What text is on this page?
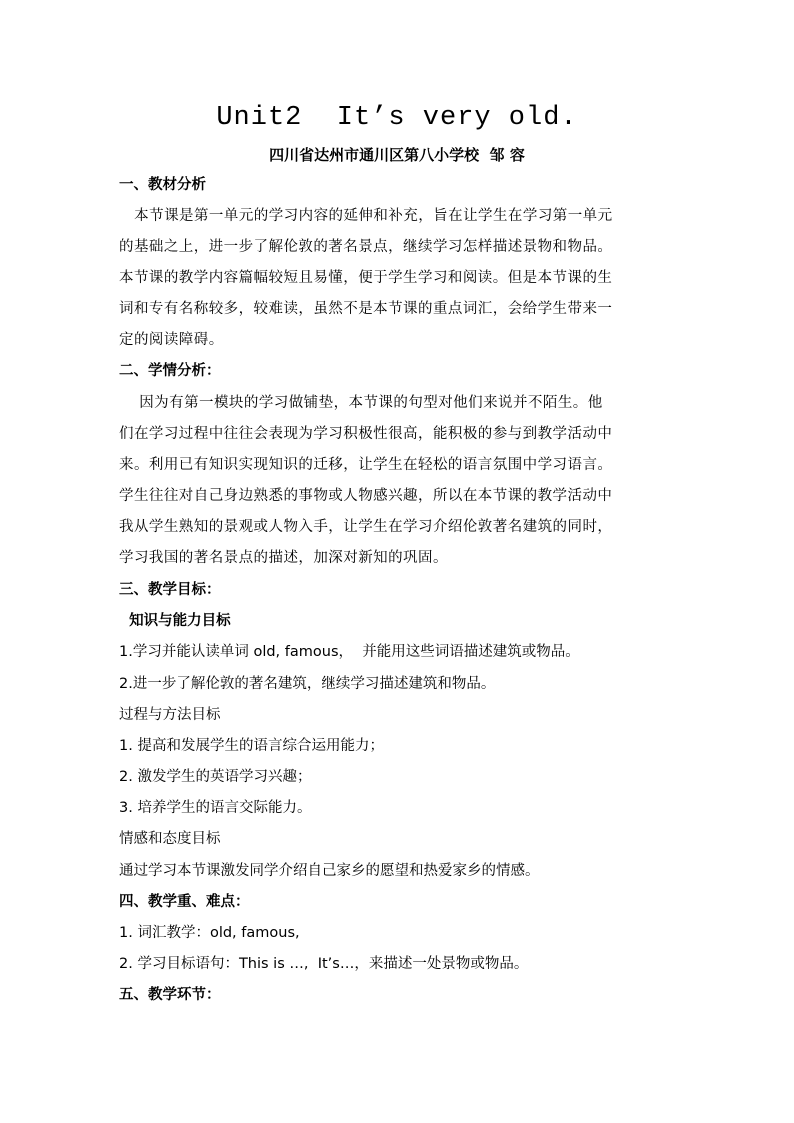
Unit2  It’s very old.
四川省达州市通川区第八小学校  邹 容
一、教材分析
本节课是第一单元的学习内容的延伸和补充，旨在让学生在学习第一单元
的基础之上，进一步了解伦敦的著名景点，继续学习怎样描述景物和物品。
本节课的教学内容篇幅较短且易懂，便于学生学习和阅读。但是本节课的生
词和专有名称较多，较难读，虽然不是本节课的重点词汇，会给学生带来一
定的阅读障碍。
二、学情分析：
因为有第一模块的学习做铺垫，本节课的句型对他们来说并不陌生。他
们在学习过程中往往会表现为学习积极性很高，能积极的参与到教学活动中
来。利用已有知识实现知识的迁移，让学生在轻松的语言氛围中学习语言。
学生往往对自己身边熟悉的事物或人物感兴趣，所以在本节课的教学活动中
我从学生熟知的景观或人物入手，让学生在学习介绍伦敦著名建筑的同时，
学习我国的著名景点的描述，加深对新知的巩固。
三、教学目标：
知识与能力目标
1.学习并能认读单词 old, famous，  并能用这些词语描述建筑或物品。
2.进一步了解伦敦的著名建筑，继续学习描述建筑和物品。
过程与方法目标
1. 提高和发展学生的语言综合运用能力；
2. 激发学生的英语学习兴趣；
3. 培养学生的语言交际能力。
情感和态度目标
通过学习本节课激发同学介绍自己家乡的愿望和热爱家乡的情感。
四、教学重、难点：
1. 词汇教学：old, famous,
2. 学习目标语句：This is …,  It’s…，来描述一处景物或物品。
五、教学环节：
